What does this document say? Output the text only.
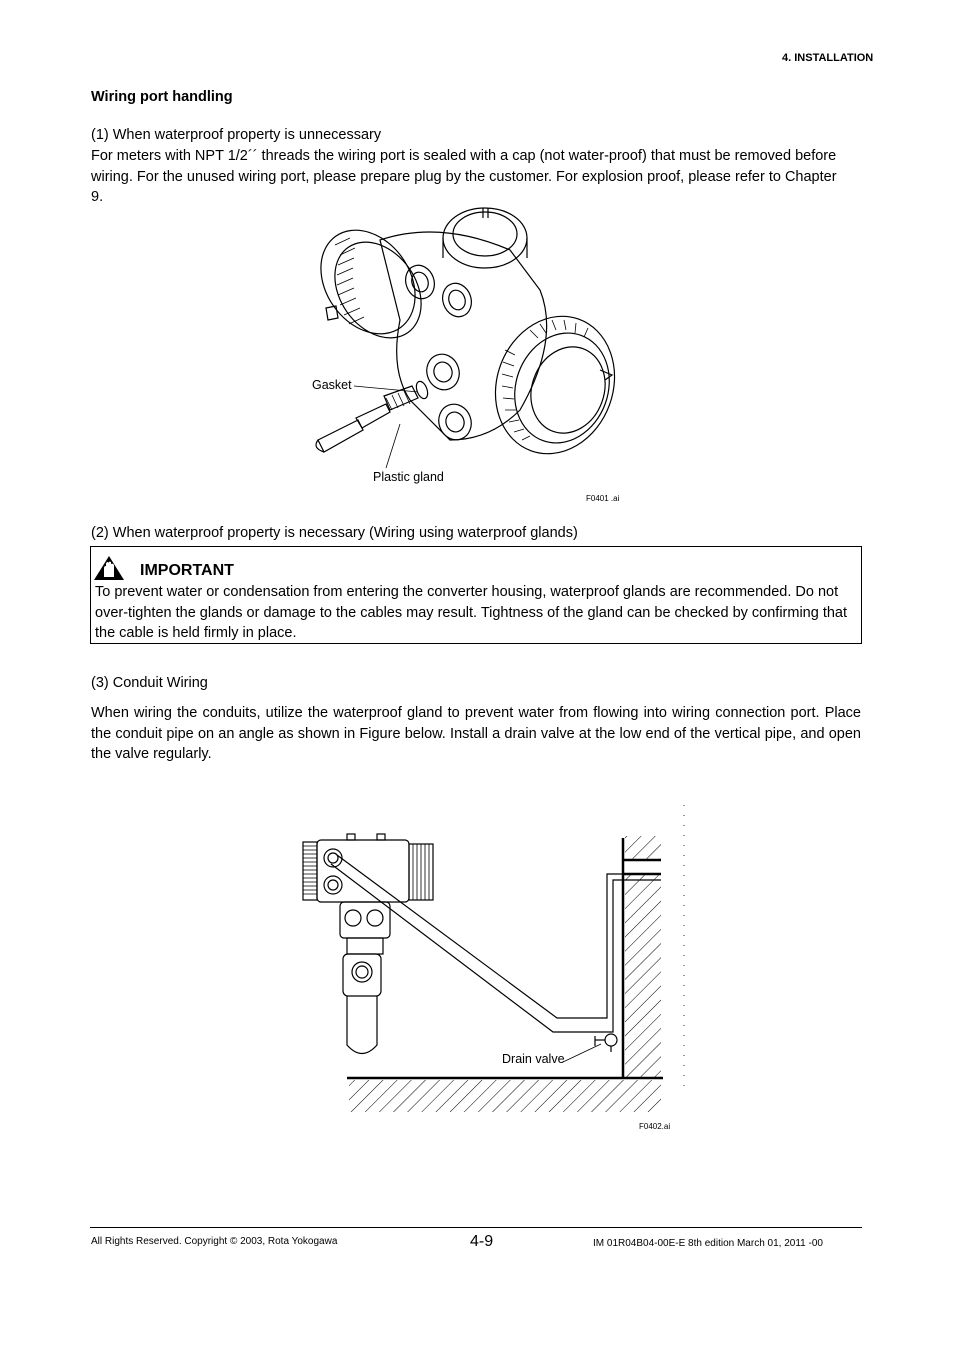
4. INSTALLATION
Wiring port handling
(1) When waterproof property is unnecessary
For meters with NPT 1/2´´ threads the wiring port is sealed with a cap (not water-proof) that must be removed before wiring. For the unused wiring port, please prepare plug by the customer. For explosion proof, please refer to Chapter 9.
Gasket
Plastic gland
F0401 .ai
(2) When waterproof property is necessary (Wiring using waterproof glands)
IMPORTANT
To prevent water or condensation from entering the converter housing, waterproof glands are recommended. Do not over-tighten the glands or damage to the cables may result. Tightness of the gland can be checked by confirming that the cable is held firmly in place.
(3) Conduit Wiring
When wiring the conduits, utilize the waterproof gland to prevent water from flowing into wiring connection port. Place the conduit pipe on an angle as shown in Figure below. Install a drain valve at the low end of the vertical pipe, and open the valve regularly.
Drain valve
F0402.ai
All Rights Reserved. Copyright © 2003, Rota Yokogawa	4-9	IM 01R04B04-00E-E 8th edition March 01, 2011 -00
